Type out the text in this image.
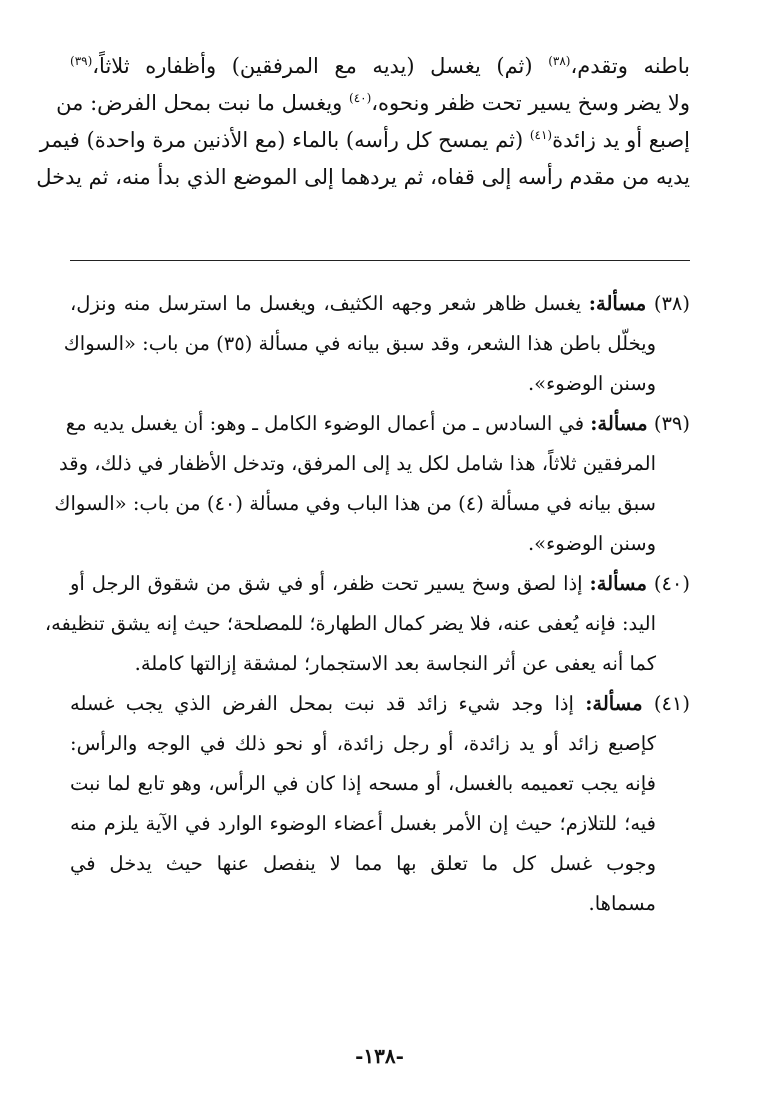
باطنه وتقدم،$^{(٣٨)}$ (ثم) يغسل (يديه مع المرفقين) وأظفاره ثلاثاً،$^{(٣٩)}$
ولا يضر وسخ يسير تحت ظفر ونحوه،$^{(٤٠)}$ ويغسل ما نبت بمحل الفرض: من
إصبع أو يد زائدة$^{(٤١)}$ (ثم يمسح كل رأسه) بالماء (مع الأذنين مرة واحدة) فيمر
يديه من مقدم رأسه إلى قفاه، ثم يردهما إلى الموضع الذي بدأ منه، ثم يدخل

(٣٨) مسألة: يغسل ظاهر شعر وجهه الكثيف، ويغسل ما استرسل منه ونزل،
ويخلّل باطن هذا الشعر، وقد سبق بيانه في مسألة (٣٥) من باب: «السواك
وسنن الوضوء».

(٣٩) مسألة: في السادس ـ من أعمال الوضوء الكامل ـ وهو: أن يغسل يديه مع
المرفقين ثلاثاً، هذا شامل لكل يد إلى المرفق، وتدخل الأظفار في ذلك، وقد
سبق بيانه في مسألة (٤) من هذا الباب وفي مسألة (٤٠) من باب: «السواك
وسنن الوضوء».

(٤٠) مسألة: إذا لصق وسخ يسير تحت ظفر، أو في شق من شقوق الرجل أو
اليد: فإنه يُعفى عنه، فلا يضر كمال الطهارة؛ للمصلحة؛ حيث إنه يشق تنظيفه،
كما أنه يعفى عن أثر النجاسة بعد الاستجمار؛ لمشقة إزالتها كاملة.

(٤١) مسألة: إذا وجد شيء زائد قد نبت بمحل الفرض الذي يجب غسله
كإصبع زائد أو يد زائدة، أو رجل زائدة، أو نحو ذلك في الوجه والرأس:
فإنه يجب تعميمه بالغسل، أو مسحه إذا كان في الرأس، وهو تابع لما نبت
فيه؛ للتلازم؛ حيث إن الأمر بغسل أعضاء الوضوء الوارد في الآية يلزم منه
وجوب غسل كل ما تعلق بها مما لا ينفصل عنها حيث يدخل في
مسماها.

-١٣٨-
